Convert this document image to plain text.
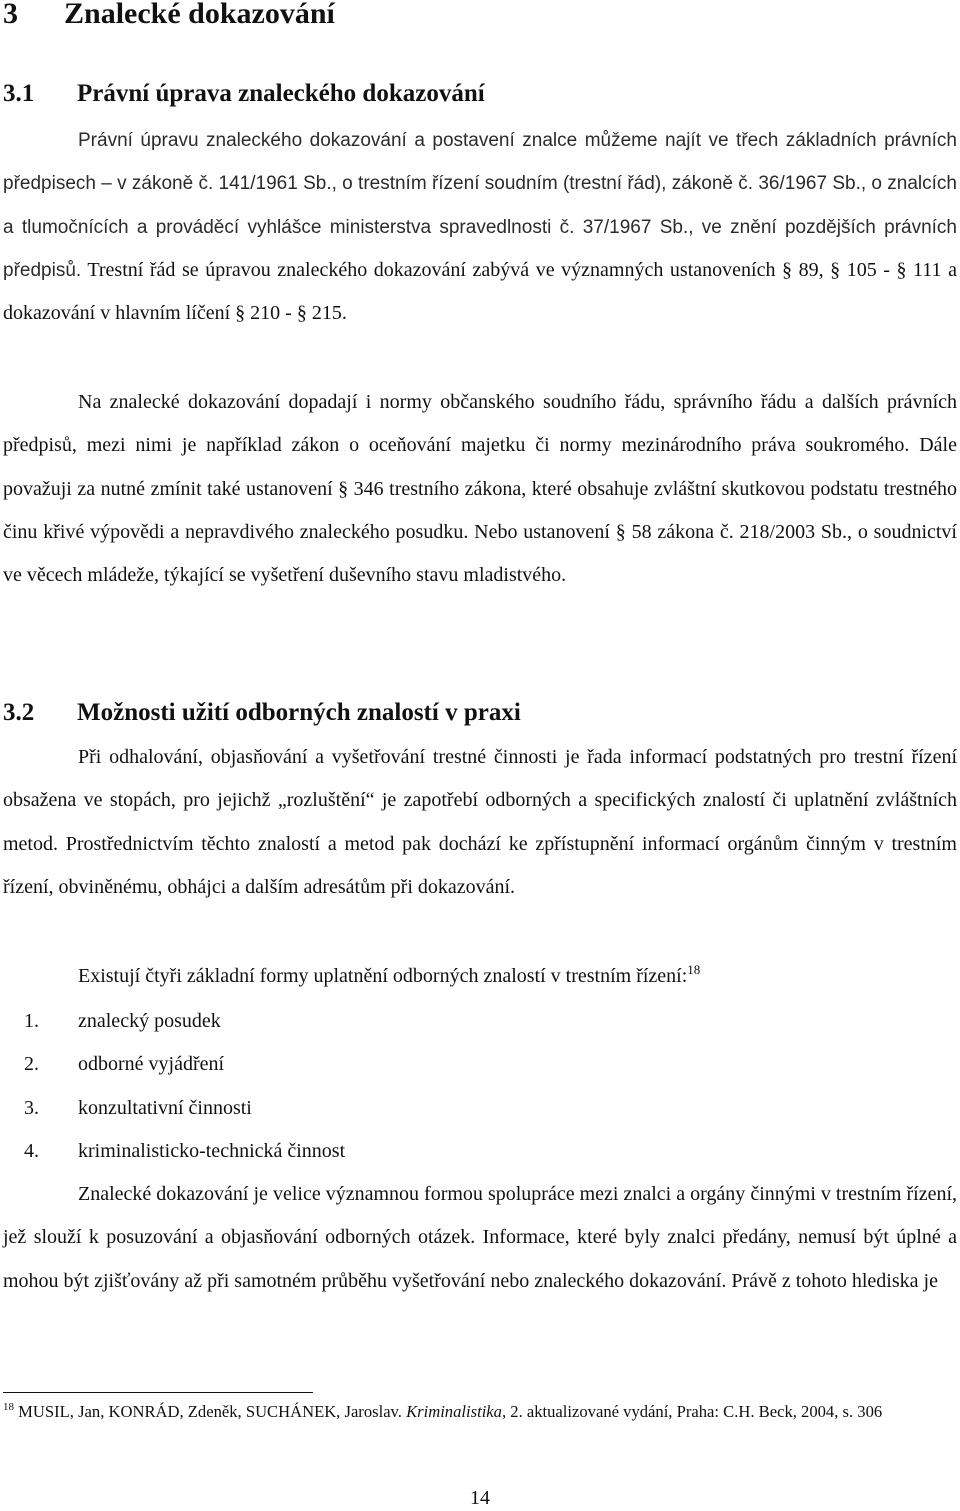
3 Znalecké dokazování
3.1 Právní úprava znaleckého dokazování

Právní úpravu znaleckého dokazování a postavení znalce můžeme najít ve třech základních právních předpisech – v zákoně č. 141/1961 Sb., o trestním řízení soudním (trestní řád), zákoně č. 36/1967 Sb., o znalcích a tlumočnících a prováděcí vyhlášce ministerstva spravedlnosti č. 37/1967 Sb., ve znění pozdějších právních předpisů. Trestní řád se úpravou znaleckého dokazování zabývá ve významných ustanoveních § 89, § 105 - § 111 a dokazování v hlavním líčení § 210 - § 215.

Na znalecké dokazování dopadají i normy občanského soudního řádu, správního řádu a dalších právních předpisů, mezi nimi je například zákon o oceňování majetku či normy mezinárodního práva soukromého. Dále považuji za nutné zmínit také ustanovení § 346 trestního zákona, které obsahuje zvláštní skutkovou podstatu trestného činu křivé výpovědi a nepravdivého znaleckého posudku. Nebo ustanovení § 58 zákona č. 218/2003 Sb., o soudnictví ve věcech mládeže, týkající se vyšetření duševního stavu mladistvého.

3.2 Možnosti užití odborných znalostí v praxi

Při odhalování, objasňování a vyšetřování trestné činnosti je řada informací podstatných pro trestní řízení obsažena ve stopách, pro jejichž „rozluštění“ je zapotřebí odborných a specifických znalostí či uplatnění zvláštních metod. Prostřednictvím těchto znalostí a metod pak dochází ke zpřístupnění informací orgánům činným v trestním řízení, obviněnému, obhájci a dalším adresátům při dokazování.

Existují čtyři základní formy uplatnění odborných znalostí v trestním řízení:$^{18}$

1. znalecký posudek
2. odborné vyjádření
3. konzultativní činnosti
4. kriminalisticko-technická činnost

Znalecké dokazování je velice významnou formou spolupráce mezi znalci a orgány činnými v trestním řízení, jež slouží k posuzování a objasňování odborných otázek. Informace, které byly znalci předány, nemusí být úplné a mohou být zjišťovány až při samotném průběhu vyšetřování nebo znaleckého dokazování. Právě z tohoto hlediska je

$^{18}$ MUSIL, Jan, KONRÁD, Zdeněk, SUCHÁNEK, Jaroslav. Kriminalistika, 2. aktualizované vydání, Praha: C.H. Beck, 2004, s. 306

14
